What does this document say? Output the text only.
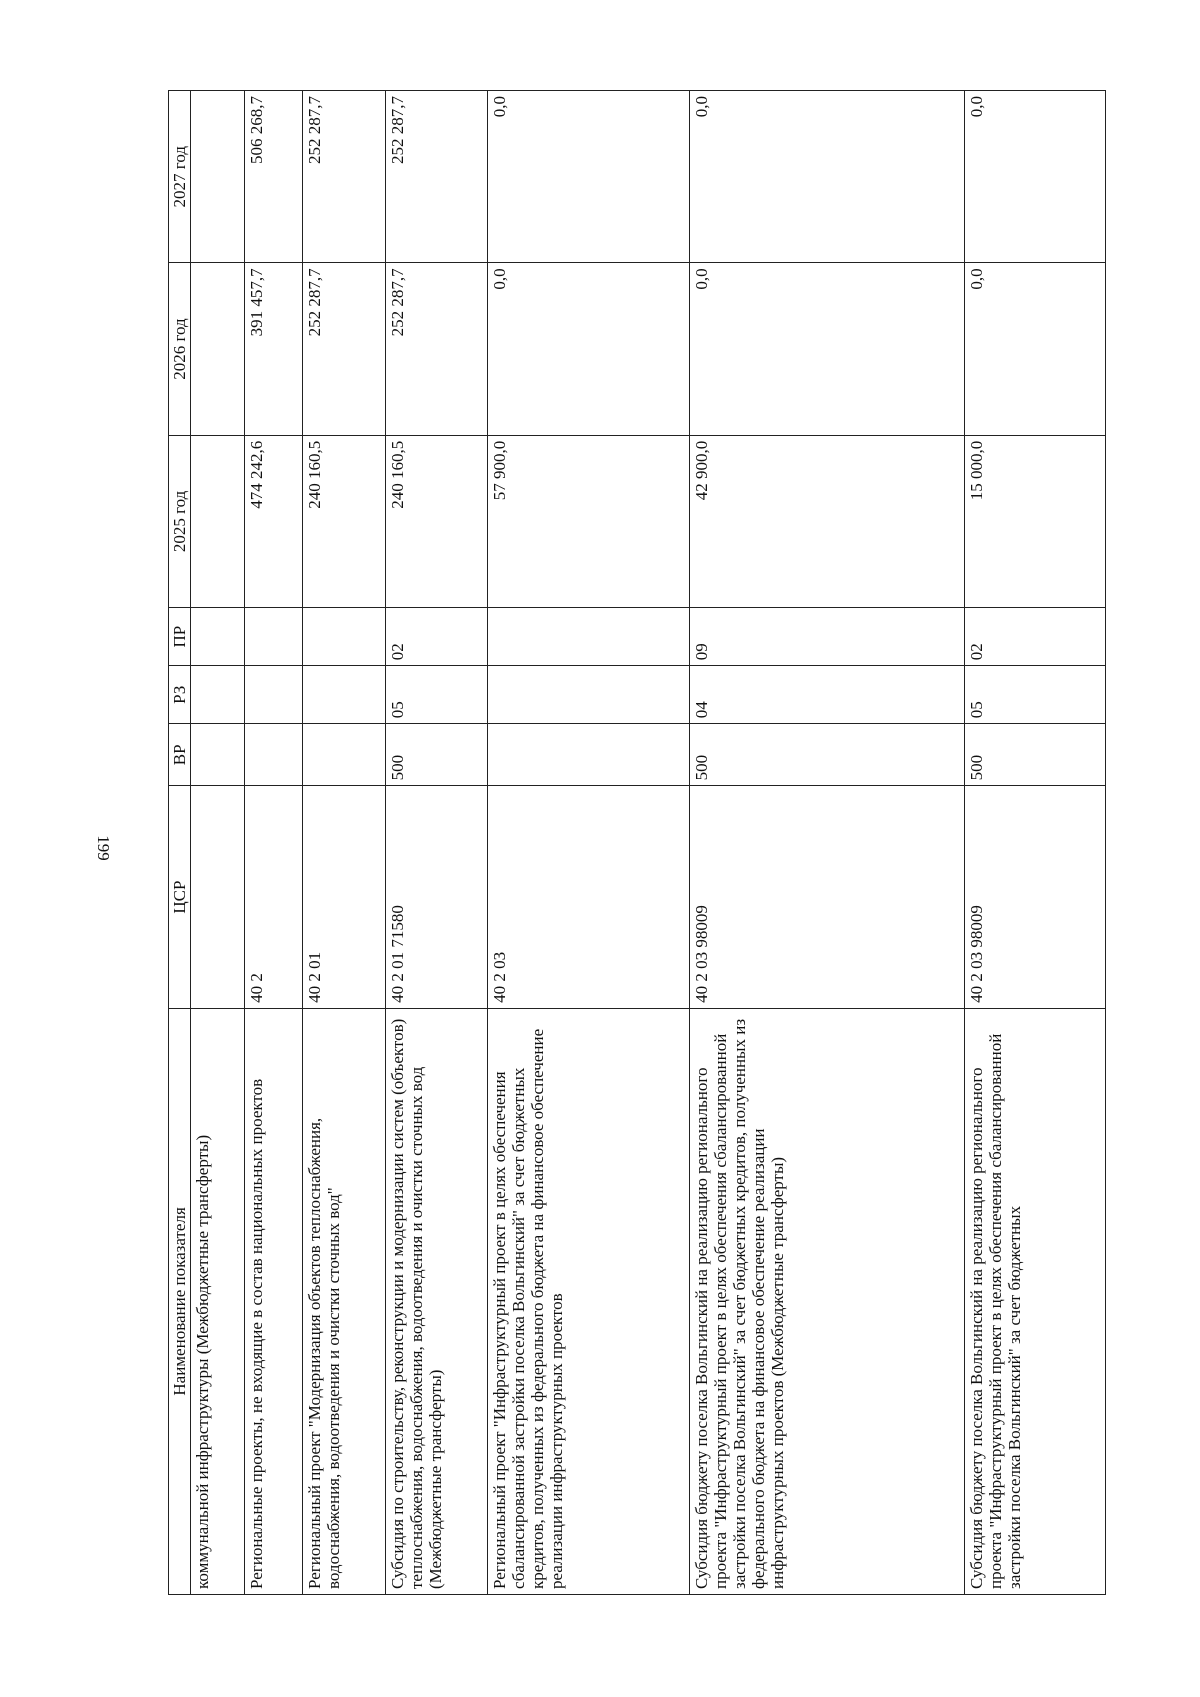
199
Наименование показателя	ЦСР	ВР	РЗ	ПР	2025 год	2026 год	2027 год
коммунальной инфраструктуры (Межбюджетные трансферты)							
Региональные проекты, не входящие в состав национальных проектов	40 2				474 242,6	391 457,7	506 268,7
Региональный проект "Модернизация объектов теплоснабжения, водоснабжения, водоотведения и очистки сточных вод"	40 2 01				240 160,5	252 287,7	252 287,7
Субсидия по строительству, реконструкции и модернизации систем (объектов) теплоснабжения, водоснабжения, водоотведения и очистки сточных вод (Межбюджетные трансферты)	40 2 01 71580	500	05	02	240 160,5	252 287,7	252 287,7
Региональный проект "Инфраструктурный проект в целях обеспечения сбалансированной застройки поселка Вольгинский" за счет бюджетных кредитов, полученных из федерального бюджета на финансовое обеспечение реализации инфраструктурных проектов	40 2 03				57 900,0	0,0	0,0
Субсидия бюджету поселка Вольгинский на реализацию регионального проекта "Инфраструктурный проект в целях обеспечения сбалансированной застройки поселка Вольгинский" за счет бюджетных кредитов, полученных из федерального бюджета на финансовое обеспечение реализации инфраструктурных проектов (Межбюджетные трансферты)	40 2 03 98009	500	04	09	42 900,0	0,0	0,0
Субсидия бюджету поселка Вольгинский на реализацию регионального проекта "Инфраструктурный проект в целях обеспечения сбалансированной застройки поселка Вольгинский" за счет бюджетных	40 2 03 98009	500	05	02	15 000,0	0,0	0,0
